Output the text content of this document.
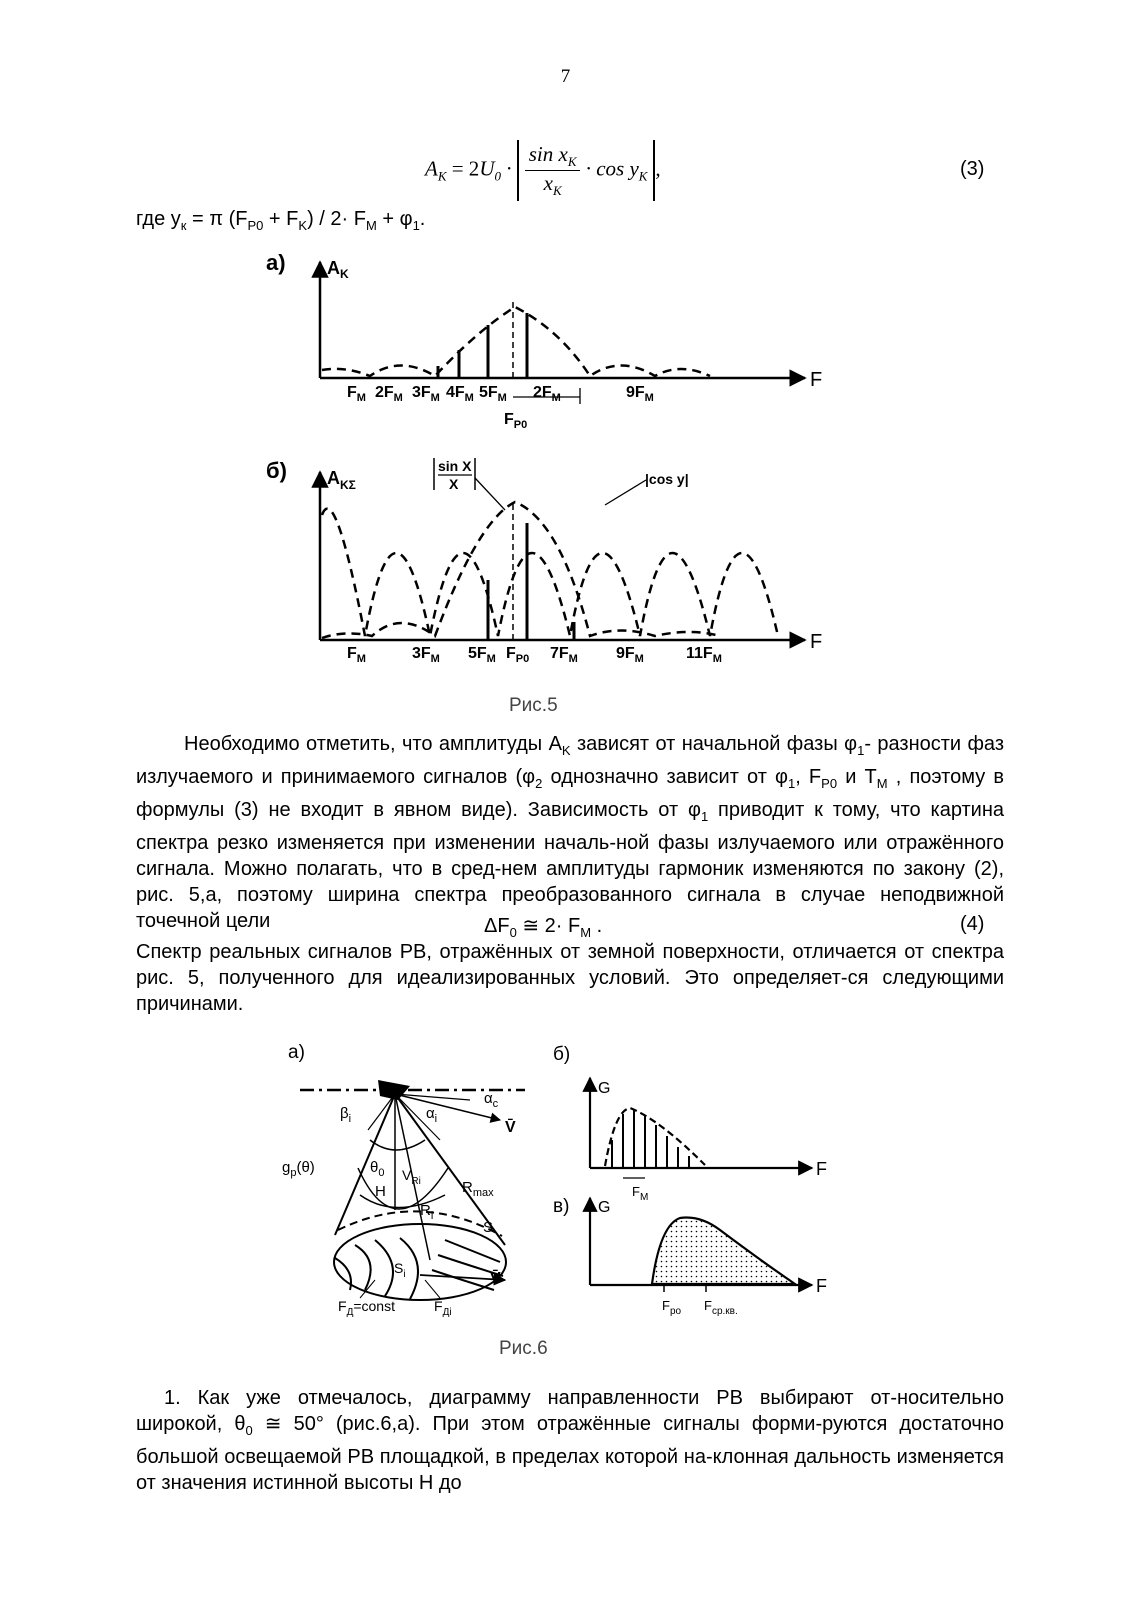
7
$A_К = 2U_0 \cdot \frac{\sin x_К}{x_К} \cdot \cos y_К$ ,	(3)
где $y_к = \pi$ $(F_{P0} + F_K) / 2\cdot F_M + \varphi_1$.
а) $A_K$
F
$F_M$ $2F_M$ $3F_M$ $4F_M$ $5F_M$ $2F_M$	$9F_M$
$F_{P0}$
б) $A_{K\Sigma}$
F
sin X
X	|cos y|
$F_M$	$3F_M$ $5F_M$ $F_{P0}$ $7F_M$ $9F_M$	$11F_M$
Рис.5
Необходимо отметить, что амплитуды $A_K$ зависят от начальной фазы $\varphi_1-$ разности фаз излучаемого и принимаемого сигналов ($\varphi_2$ однозначно зависит от $\varphi_1$, $F_{P0}$ и $T_M$ , поэтому в формулы (3) не входит в явном виде). Зависимость от $\varphi_1$ приводит к тому, что картина спектра резко изменяется при изменении началь-ной фазы излучаемого или отражённого сигнала. Можно полагать, что в сред-нем амплитуды гармоник изменяются по закону (2), рис. 5,а, поэтому ширина спектра преобразованного сигнала в случае неподвижной точечной цели	$\Delta F_0$ ≅ $2\cdot F_M$ .	(4)
Спектр реальных сигналов РВ, отражённых от земной поверхности, отличается от спектра рис. 5, полученного для идеализированных условий. Это определяет-ся следующими причинами.
а)
$\beta_i$	$\alpha_i$
$\alpha_c$
V̄
$g_p(\theta)$	$\theta_0$
H
$V_{Ri}$	$R_{max}$
$R_i$
S
$S_i$	V̄
$F_Д=const$	$F_{Дi}$
б)
G
F
$F_M$
в) G
F
$F_{po}$ $F_{ср.кв.}$
Рис.6
1. Как уже отмечалось, диаграмму направленности РВ выбирают от-носительно широкой, $\theta_0$ ≅ 50° (рис.6,а). При этом отражённые сигналы форми-руются достаточно большой освещаемой РВ площадкой, в пределах которой на-клонная дальность изменяется от значения истинной высоты H до
